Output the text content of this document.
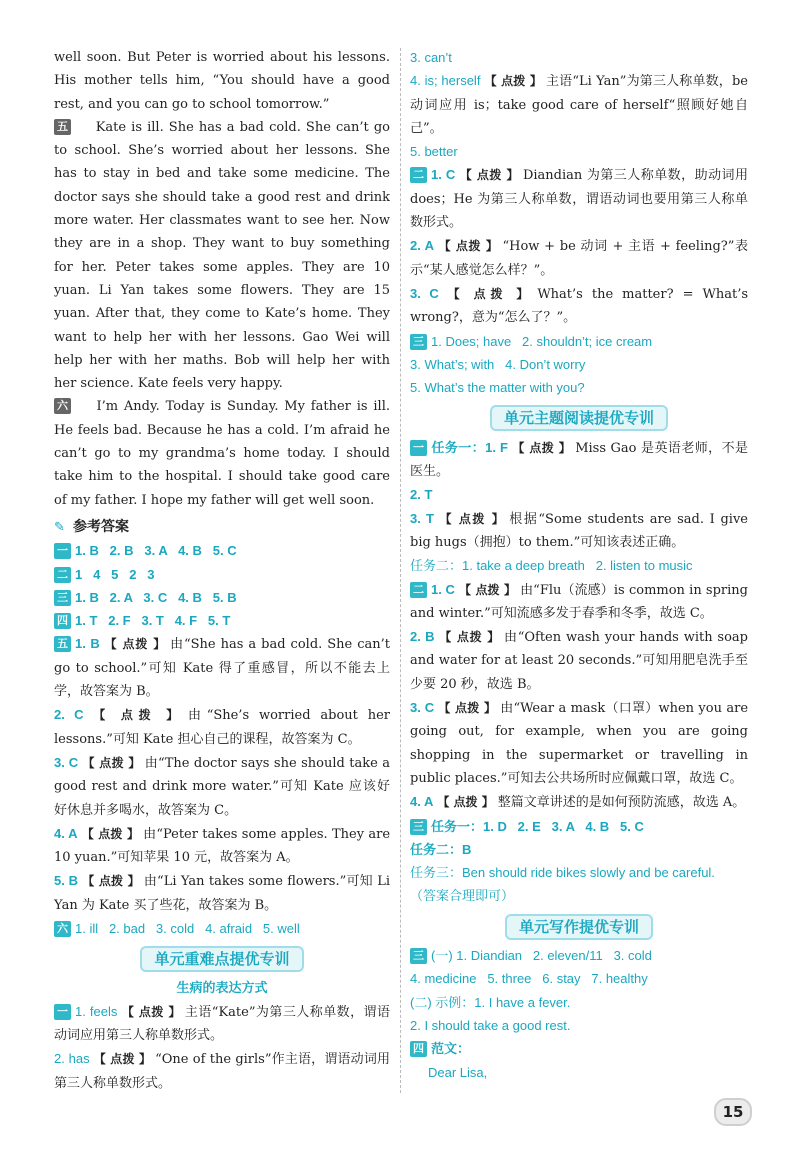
well soon. But Peter is worried about his lessons. His mother tells him, “You should have a good rest, and you can go to school tomorrow.”

五 Kate is ill. She has a bad cold. She can’t go to school. She’s worried about her lessons. She has to stay in bed and take some medicine. The doctor says she should take a good rest and drink more water. Her classmates want to see her. Now they are in a shop. They want to buy something for her. Peter takes some apples. They are 10 yuan. Li Yan takes some flowers. They are 15 yuan. After that, they come to Kate’s home. They want to help her with her lessons. Gao Wei will help her with her maths. Bob will help her with her science. Kate feels very happy.

六 I’m Andy. Today is Sunday. My father is ill. He feels bad. Because he has a cold. I’m afraid he can’t go to my grandma’s home today. I should take him to the hospital. I should take good care of my father. I hope my father will get well soon.

✎ 参考答案

一 1. B   2. B   3. A   4. B   5. C

二 1   4   5   2   3

三 1. B   2. A   3. C   4. B   5. B

四 1. T   2. F   3. T   4. F   5. T

五 1. B 【 点拨 】 由“She has a bad cold. She can’t go to school.”可知 Kate 得了重感冒，所以不能去上学，故答案为 B。

2. C 【 点拨 】 由“She’s worried about her lessons.”可知 Kate 担心自己的课程，故答案为 C。

3. C 【 点拨 】 由“The doctor says she should take a good rest and drink more water.”可知 Kate 应该好好休息并多喝水，故答案为 C。

4. A 【 点拨 】 由“Peter takes some apples. They are 10 yuan.”可知苹果 10 元，故答案为 A。

5. B 【 点拨 】 由“Li Yan takes some flowers.”可知 Li Yan 为 Kate 买了些花，故答案为 B。

六 1. ill   2. bad   3. cold   4. afraid   5. well

单元重难点提优专训
生病的表达方式

一 1. feels 【 点拨 】 主语“Kate”为第三人称单数，谓语动词应用第三人称单数形式。

2. has 【 点拨 】 “One of the girls”作主语，谓语动词用第三人称单数形式。

3. can’t

4. is; herself 【 点拨 】 主语“Li Yan”为第三人称单数，be 动词应用 is；take good care of herself“照顾好她自己”。

5. better

二 1. C 【 点拨 】 Diandian 为第三人称单数，助动词用 does；He 为第三人称单数，谓语动词也要用第三人称单数形式。

2. A 【 点拨 】 “How + be 动词 + 主语 + feeling?”表示“某人感觉怎么样？”。

3. C 【 点拨 】 What’s the matter? = What’s wrong?，意为“怎么了？”。

三 1. Does; have   2. shouldn’t; ice cream

3. What’s; with   4. Don’t worry

5. What’s the matter with you?

单元主题阅读提优专训

一 任务一：1. F 【 点拨 】 Miss Gao 是英语老师，不是医生。

2. T

3. T 【 点拨 】 根据“Some students are sad. I give big hugs（拥抱）to them.”可知该表述正确。

任务二：1. take a deep breath   2. listen to music

二 1. C 【 点拨 】 由“Flu（流感）is common in spring and winter.”可知流感多发于春季和冬季，故选 C。

2. B 【 点拨 】 由“Often wash your hands with soap and water for at least 20 seconds.”可知用肥皂洗手至少要 20 秒，故选 B。

3. C 【 点拨 】 由“Wear a mask（口罩）when you are going out, for example, when you are going shopping in the supermarket or travelling in public places.”可知去公共场所时应佩戴口罩，故选 C。

4. A 【 点拨 】 整篇文章讲述的是如何预防流感，故选 A。

三 任务一：1. D   2. E   3. A   4. B   5. C

任务二：B

任务三：Ben should ride bikes slowly and be careful.

（答案合理即可）

单元写作提优专训

三 (一) 1. Diandian   2. eleven/11   3. cold

4. medicine   5. three   6. stay   7. healthy

(二) 示例：1. I have a fever.

2. I should take a good rest.

四 范文：

Dear Lisa,

15
